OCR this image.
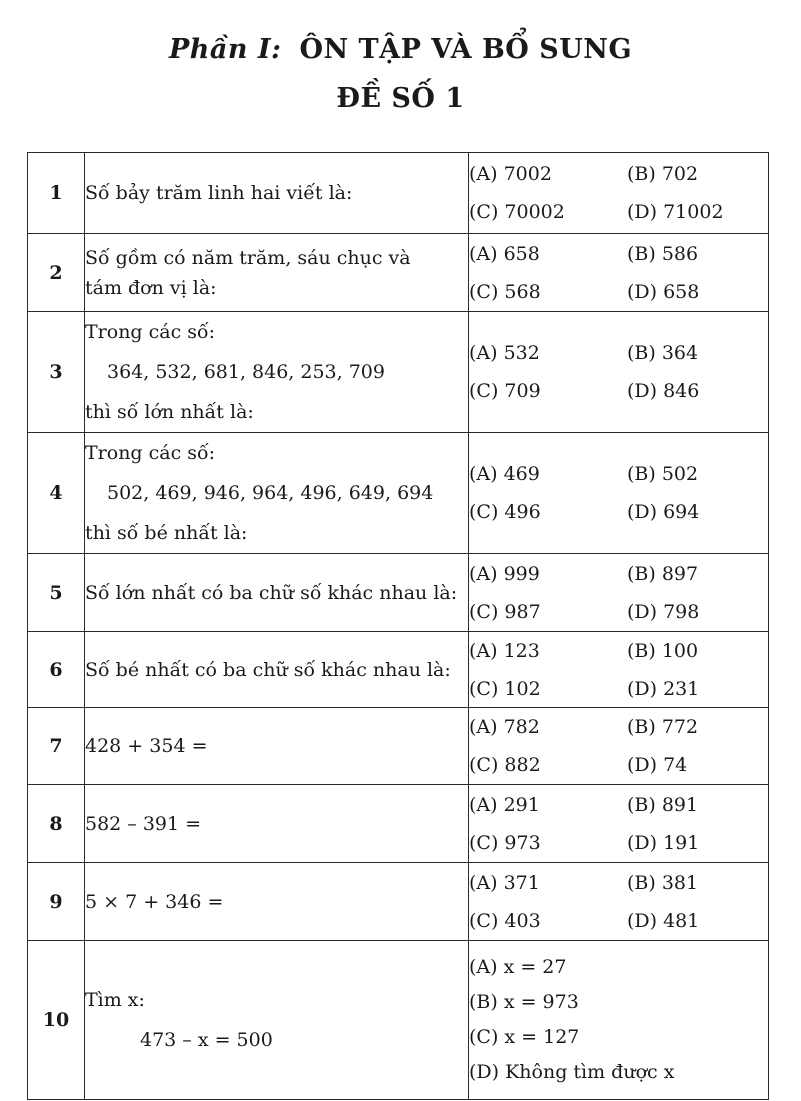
Phần I: ÔN TẬP VÀ BỔ SUNG
ĐỀ SỐ 1
1	Số bảy trăm linh hai viết là:	(A) 7002 (B) 702
(C) 70002 (D) 71002

2	Số gồm có năm trăm, sáu chục và
tám đơn vị là:	(A) 658 (B) 586
(C) 568 (D) 658

3	Trong các số:
364, 532, 681, 846, 253, 709
thì số lớn nhất là:	(A) 532 (B) 364
(C) 709 (D) 846

4	Trong các số:
502, 469, 946, 964, 496, 649, 694
thì số bé nhất là:	(A) 469 (B) 502
(C) 496 (D) 694

5	Số lớn nhất có ba chữ số khác nhau là:	(A) 999 (B) 897
(C) 987 (D) 798

6	Số bé nhất có ba chữ số khác nhau là:	(A) 123 (B) 100
(C) 102 (D) 231

7	428 + 354 =	(A) 782 (B) 772
(C) 882 (D) 74

8	582 – 391 =	(A) 291 (B) 891
(C) 973 (D) 191

9	5 × 7 + 346 =	(A) 371 (B) 381
(C) 403 (D) 481

10	Tìm x:
473 – x = 500	(A) x = 27
(B) x = 973
(C) x = 127
(D) Không tìm được x
